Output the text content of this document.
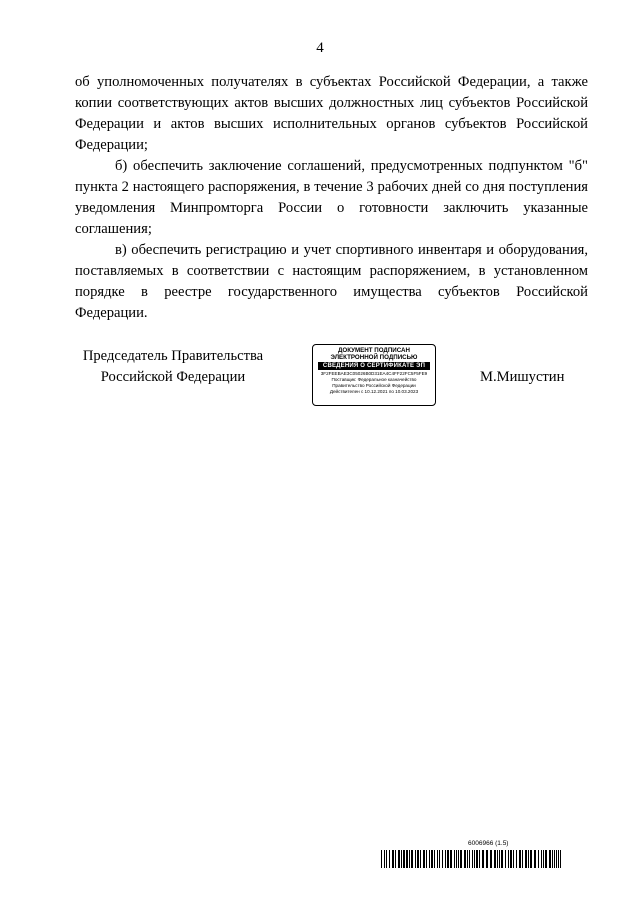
4

об уполномоченных получателях в субъектах Российской Федерации, а также копии соответствующих актов высших должностных лиц субъектов Российской Федерации и актов высших исполнительных органов субъектов Российской Федерации;

б) обеспечить заключение соглашений, предусмотренных подпунктом "б" пункта 2 настоящего распоряжения, в течение 3 рабочих дней со дня поступления уведомления Минпромторга России о готовности заключить указанные соглашения;

в) обеспечить регистрацию и учет спортивного инвентаря и оборудования, поставляемых в соответствии с настоящим распоряжением, в установленном порядке в реестре государственного имущества субъектов Российской Федерации.

Председатель Правительства
Российской Федерации
ДОКУМЕНТ ПОДПИСАН
ЭЛЕКТРОННОЙ ПОДПИСЬЮ
СВЕДЕНИЯ О СЕРТИФИКАТЕ ЭП
3F2FEEBAE3C05026B0D31EA4C4FF22FC5F5FE9
Поставщик: Федеральное казначейство
Правительство Российской Федерации
Действителен с 10.12.2021 по 10.03.2023
М.Мишустин
6006966 (1.5)
